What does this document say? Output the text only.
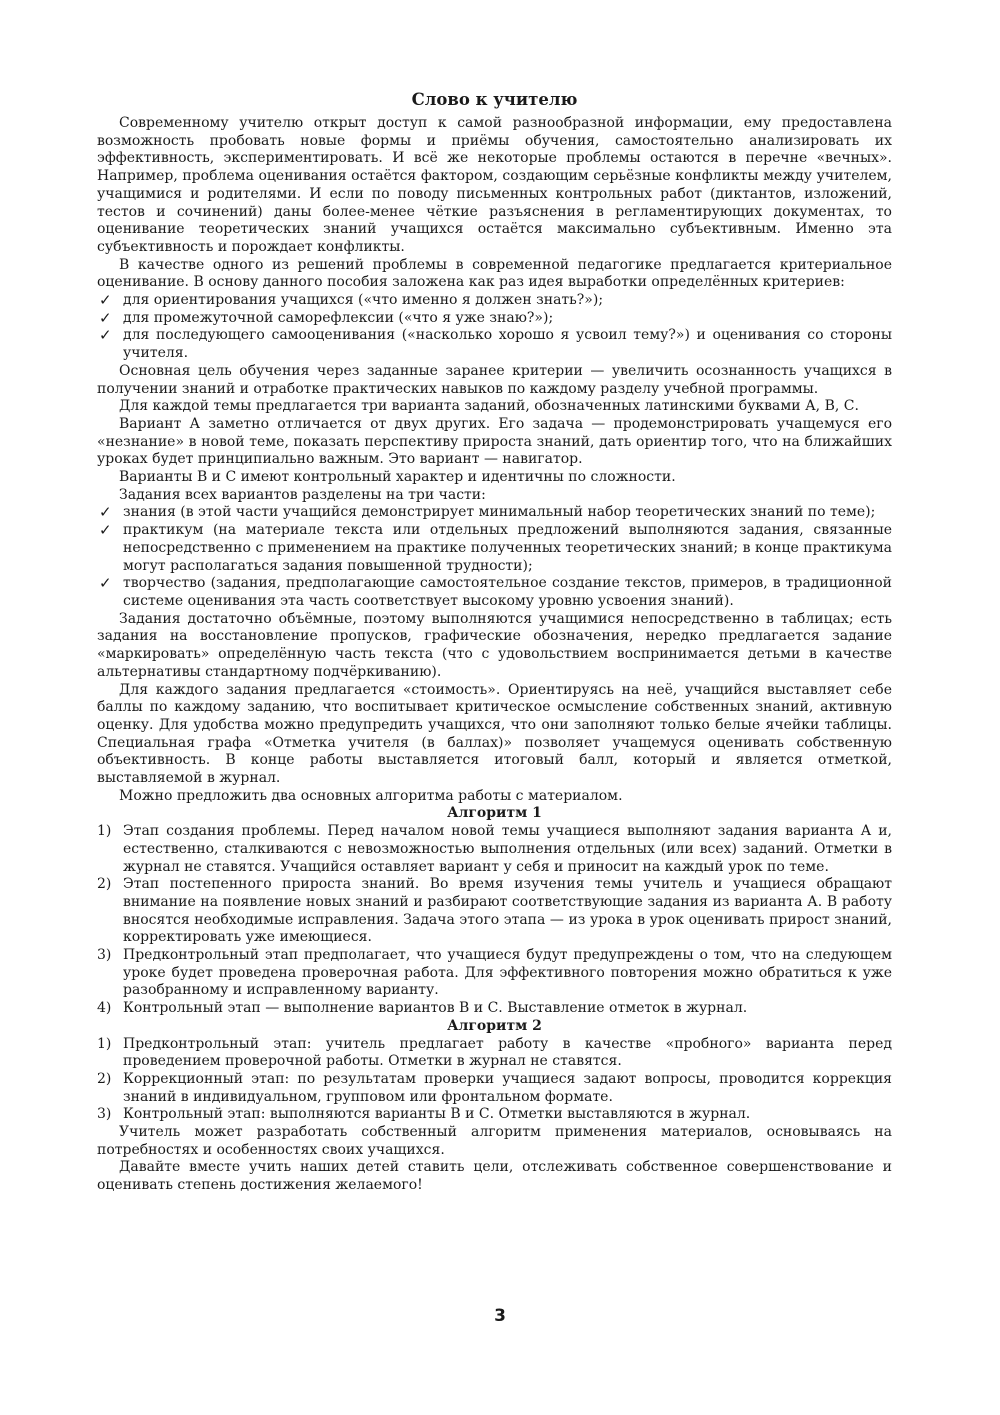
Слово к учителю

Современному учителю открыт доступ к самой разнообразной информации, ему предоставлена возможность пробовать новые формы и приёмы обучения, самостоятельно анализировать их эффективность, экспериментировать. И всё же некоторые проблемы остаются в перечне «вечных». Например, проблема оценивания остаётся фактором, создающим серьёзные конфликты между учителем, учащимися и родителями. И если по поводу письменных контрольных работ (диктантов, изложений, тестов и сочинений) даны более-менее чёткие разъяснения в регламентирующих документах, то оценивание теоретических знаний учащихся остаётся максимально субъективным. Именно эта субъективность и порождает конфликты.

В качестве одного из решений проблемы в современной педагогике предлагается критериальное оценивание. В основу данного пособия заложена как раз идея выработки определённых критериев:

✓ для ориентирования учащихся («что именно я должен знать?»);
✓ для промежуточной саморефлексии («что я уже знаю?»);
✓ для последующего самооценивания («насколько хорошо я усвоил тему?») и оценивания со стороны учителя.

Основная цель обучения через заданные заранее критерии — увеличить осознанность учащихся в получении знаний и отработке практических навыков по каждому разделу учебной программы.

Для каждой темы предлагается три варианта заданий, обозначенных латинскими буквами А, В, С.

Вариант А заметно отличается от двух других. Его задача — продемонстрировать учащемуся его «незнание» в новой теме, показать перспективу прироста знаний, дать ориентир того, что на ближайших уроках будет принципиально важным. Это вариант — навигатор.

Варианты В и С имеют контрольный характер и идентичны по сложности.

Задания всех вариантов разделены на три части:

✓ знания (в этой части учащийся демонстрирует минимальный набор теоретических знаний по теме);
✓ практикум (на материале текста или отдельных предложений выполняются задания, связанные непосредственно с применением на практике полученных теоретических знаний; в конце практикума могут располагаться задания повышенной трудности);
✓ творчество (задания, предполагающие самостоятельное создание текстов, примеров, в традиционной системе оценивания эта часть соответствует высокому уровню усвоения знаний).

Задания достаточно объёмные, поэтому выполняются учащимися непосредственно в таблицах; есть задания на восстановление пропусков, графические обозначения, нередко предлагается задание «маркировать» определённую часть текста (что с удовольствием воспринимается детьми в качестве альтернативы стандартному подчёркиванию).

Для каждого задания предлагается «стоимость». Ориентируясь на неё, учащийся выставляет себе баллы по каждому заданию, что воспитывает критическое осмысление собственных знаний, активную оценку. Для удобства можно предупредить учащихся, что они заполняют только белые ячейки таблицы. Специальная графа «Отметка учителя (в баллах)» позволяет учащемуся оценивать собственную объективность. В конце работы выставляется итоговый балл, который и является отметкой, выставляемой в журнал.

Можно предложить два основных алгоритма работы с материалом.

Алгоритм 1
1) Этап создания проблемы. Перед началом новой темы учащиеся выполняют задания варианта А и, естественно, сталкиваются с невозможностью выполнения отдельных (или всех) заданий. Отметки в журнал не ставятся. Учащийся оставляет вариант у себя и приносит на каждый урок по теме.
2) Этап постепенного прироста знаний. Во время изучения темы учитель и учащиеся обращают внимание на появление новых знаний и разбирают соответствующие задания из варианта А. В работу вносятся необходимые исправления. Задача этого этапа — из урока в урок оценивать прирост знаний, корректировать уже имеющиеся.
3) Предконтрольный этап предполагает, что учащиеся будут предупреждены о том, что на следующем уроке будет проведена проверочная работа. Для эффективного повторения можно обратиться к уже разобранному и исправленному варианту.
4) Контрольный этап — выполнение вариантов В и С. Выставление отметок в журнал.
Алгоритм 2
1) Предконтрольный этап: учитель предлагает работу в качестве «пробного» варианта перед проведением проверочной работы. Отметки в журнал не ставятся.
2) Коррекционный этап: по результатам проверки учащиеся задают вопросы, проводится коррекция знаний в индивидуальном, групповом или фронтальном формате.
3) Контрольный этап: выполняются варианты В и С. Отметки выставляются в журнал.

Учитель может разработать собственный алгоритм применения материалов, основываясь на потребностях и особенностях своих учащихся.

Давайте вместе учить наших детей ставить цели, отслеживать собственное совершенствование и оценивать степень достижения желаемого!

3
